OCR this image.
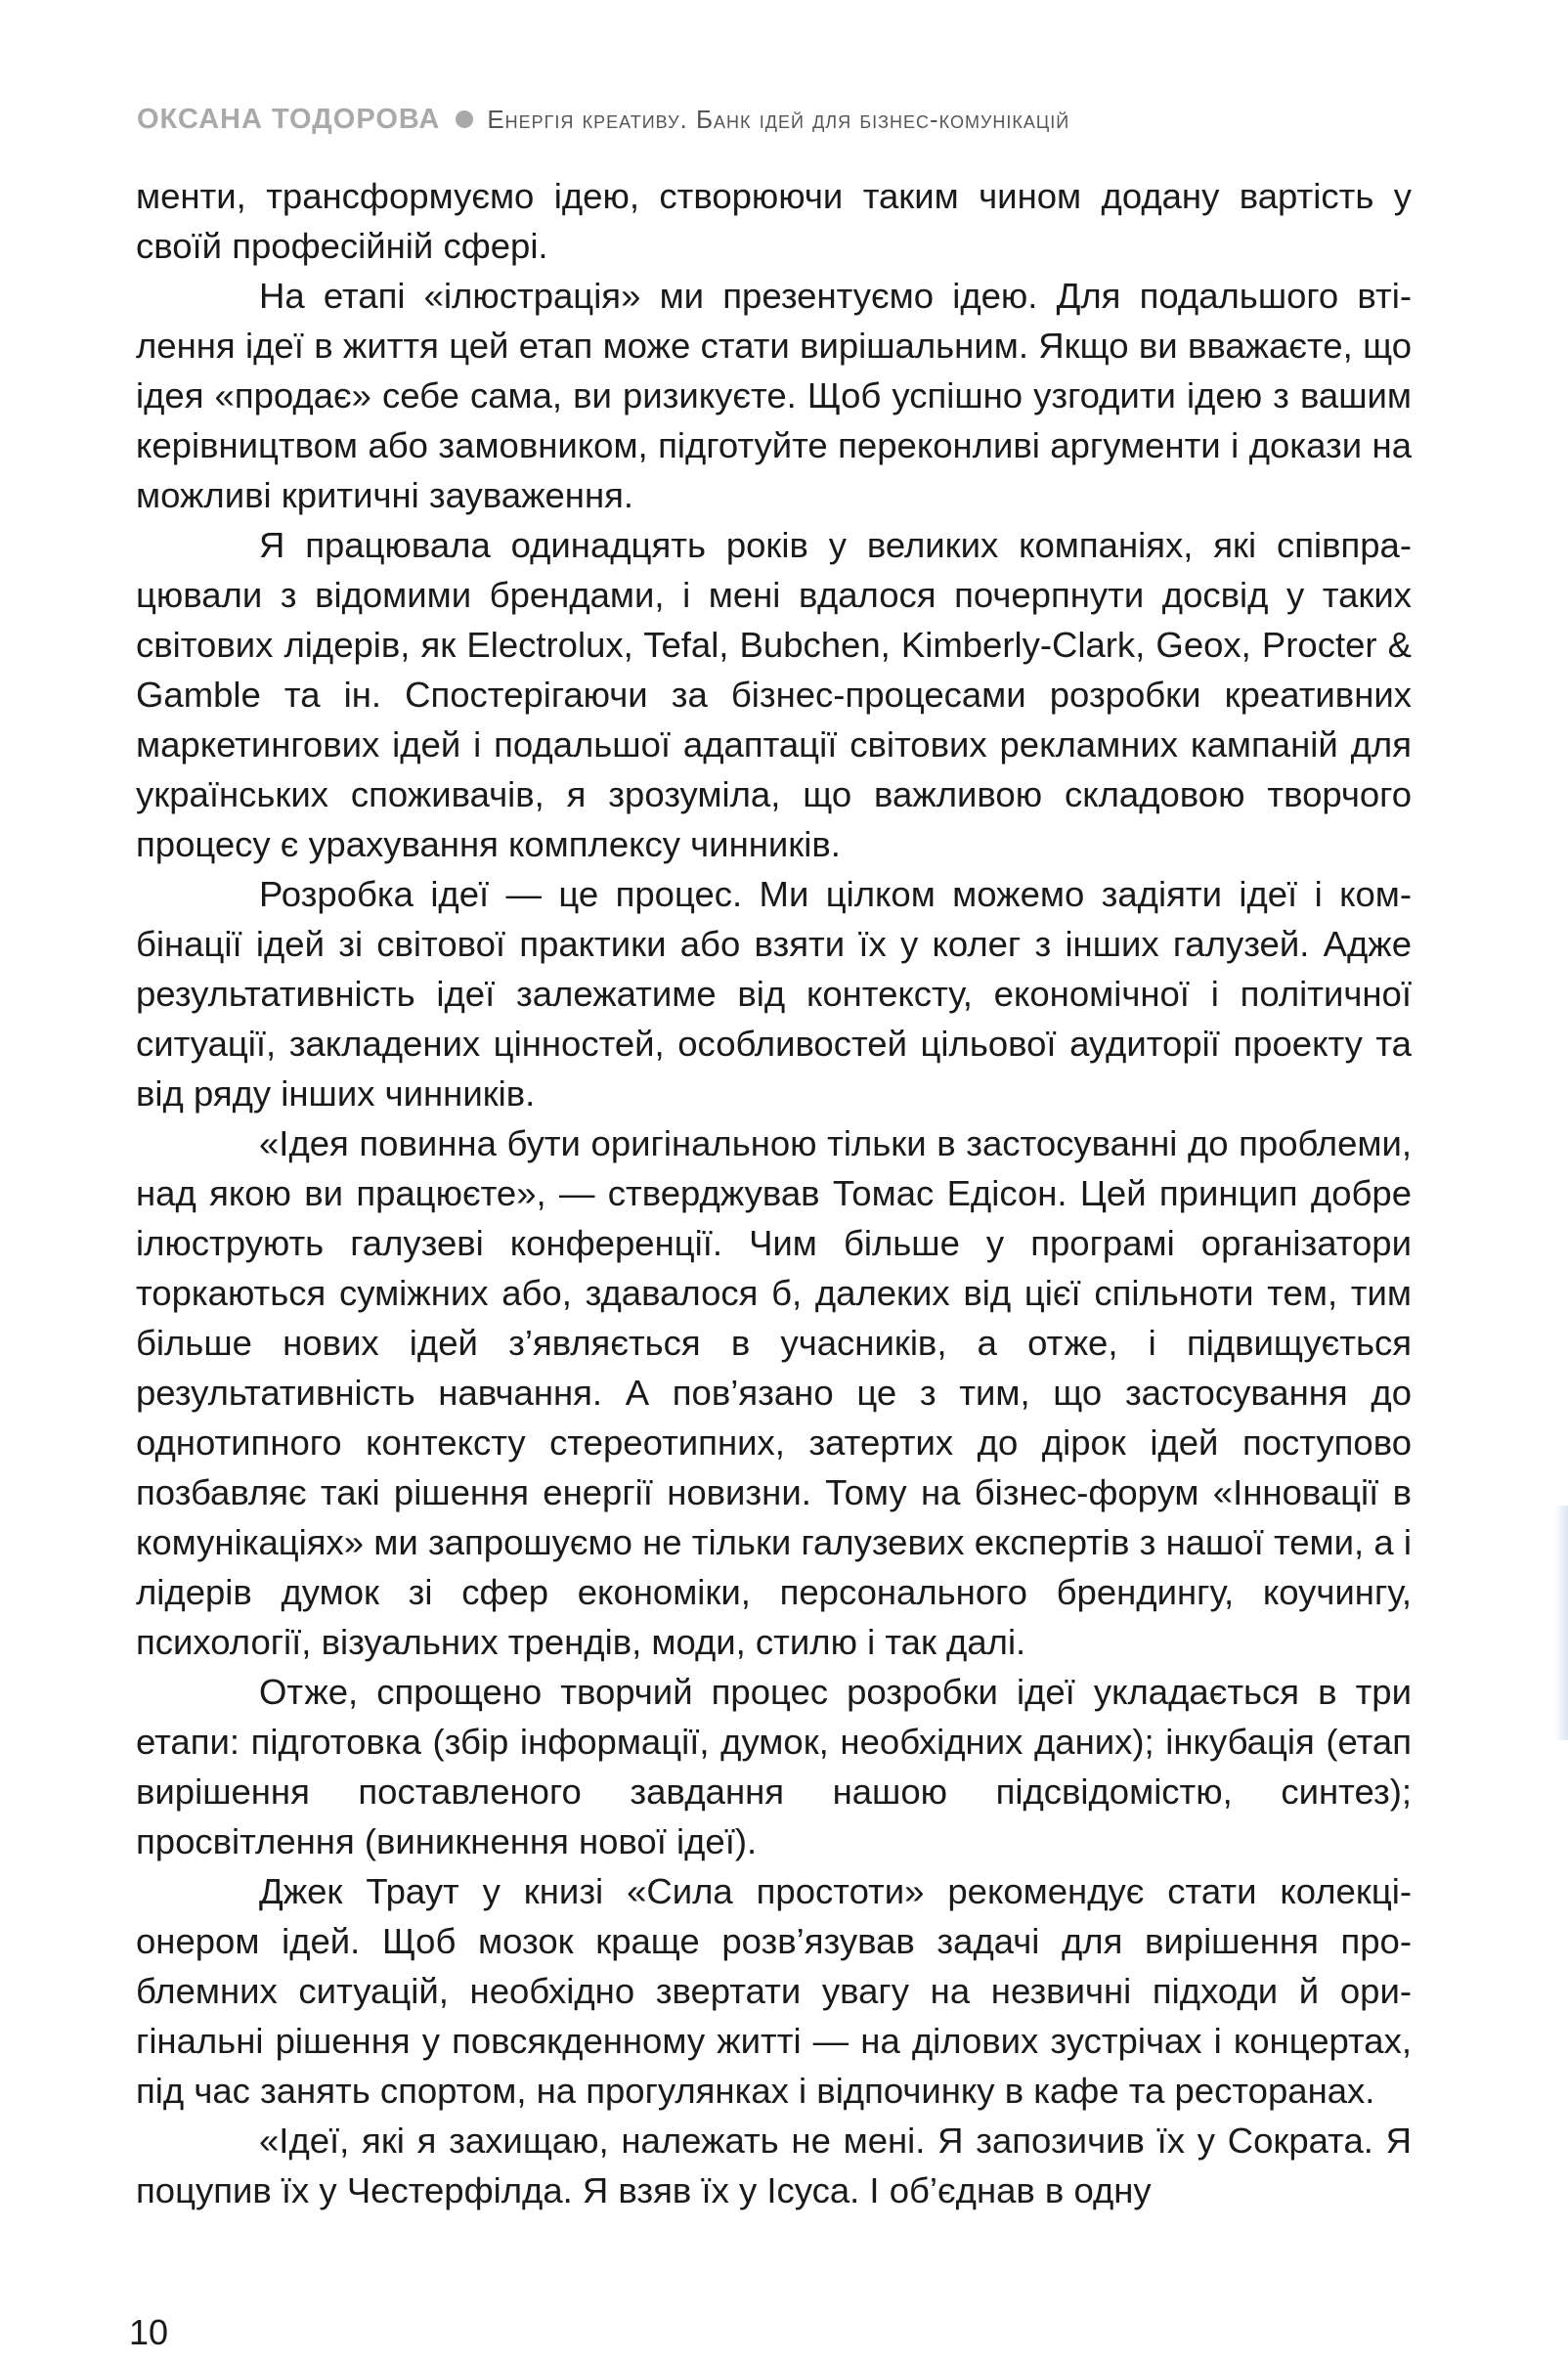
ОКСАНА ТОДОРОВА Енергія креативу. Банк ідей для бізнес-комунікацій

менти, трансформуємо ідею, створюючи таким чином додану вартість у своїй професійній сфері.

На етапі «ілюстрація» ми презентуємо ідею. Для подальшого втілення ідеї в життя цей етап може стати вирішальним. Якщо ви вважаєте, що ідея «продає» себе сама, ви ризикуєте. Щоб успішно узгодити ідею з вашим керівництвом або замовником, підготуйте переконливі аргументи і докази на можливі критичні зауваження.

Я працювала одинадцять років у великих компаніях, які співпрацювали з відомими брендами, і мені вдалося почерпнути досвід у таких світових лідерів, як Electrolux, Tefal, Bubchen, Kimberly-Clark, Geox, Procter & Gamble та ін. Спостерігаючи за бізнес-процесами розробки креативних маркетингових ідей і подальшої адаптації світових рекламних кампаній для українських споживачів, я зрозуміла, що важливою складовою творчого процесу є урахування комплексу чинників.

Розробка ідеї — це процес. Ми цілком можемо задіяти ідеї і комбінації ідей зі світової практики або взяти їх у колег з інших галузей. Адже результативність ідеї залежатиме від контексту, економічної і політичної ситуації, закладених цінностей, особливостей цільової аудиторії проекту та від ряду інших чинників.

«Ідея повинна бути оригінальною тільки в застосуванні до проблеми, над якою ви працюєте», — стверджував Томас Едісон. Цей принцип добре ілюструють галузеві конференції. Чим більше у програмі організатори торкаються суміжних або, здавалося б, далеких від цієї спільноти тем, тим більше нових ідей з’являється в учасників, а отже, і підвищується результативність навчання. А пов’язано це з тим, що застосування до однотипного контексту стереотипних, затертих до дірок ідей поступово позбавляє такі рішення енергії новизни. Тому на бізнес-форум «Інновації в комунікаціях» ми запрошуємо не тільки галузевих експертів з нашої теми, а і лідерів думок зі сфер економіки, персонального брендингу, коучингу, психології, візуальних трендів, моди, стилю і так далі.

Отже, спрощено творчий процес розробки ідеї укладається в три етапи: підготовка (збір інформації, думок, необхідних даних); інкубація (етап вирішення поставленого завдання нашою підсвідомістю, синтез); просвітлення (виникнення нової ідеї).

Джек Траут у книзі «Сила простоти» рекомендує стати колекціонером ідей. Щоб мозок краще розв’язував задачі для вирішення проблемних ситуацій, необхідно звертати увагу на незвичні підходи й оригінальні рішення у повсякденному житті — на ділових зустрічах і концертах, під час занять спортом, на прогулянках і відпочинку в кафе та ресторанах.

«Ідеї, які я захищаю, належать не мені. Я запозичив їх у Сократа. Я поцупив їх у Честерфілда. Я взяв їх у Ісуса. І об’єднав в одну

10
